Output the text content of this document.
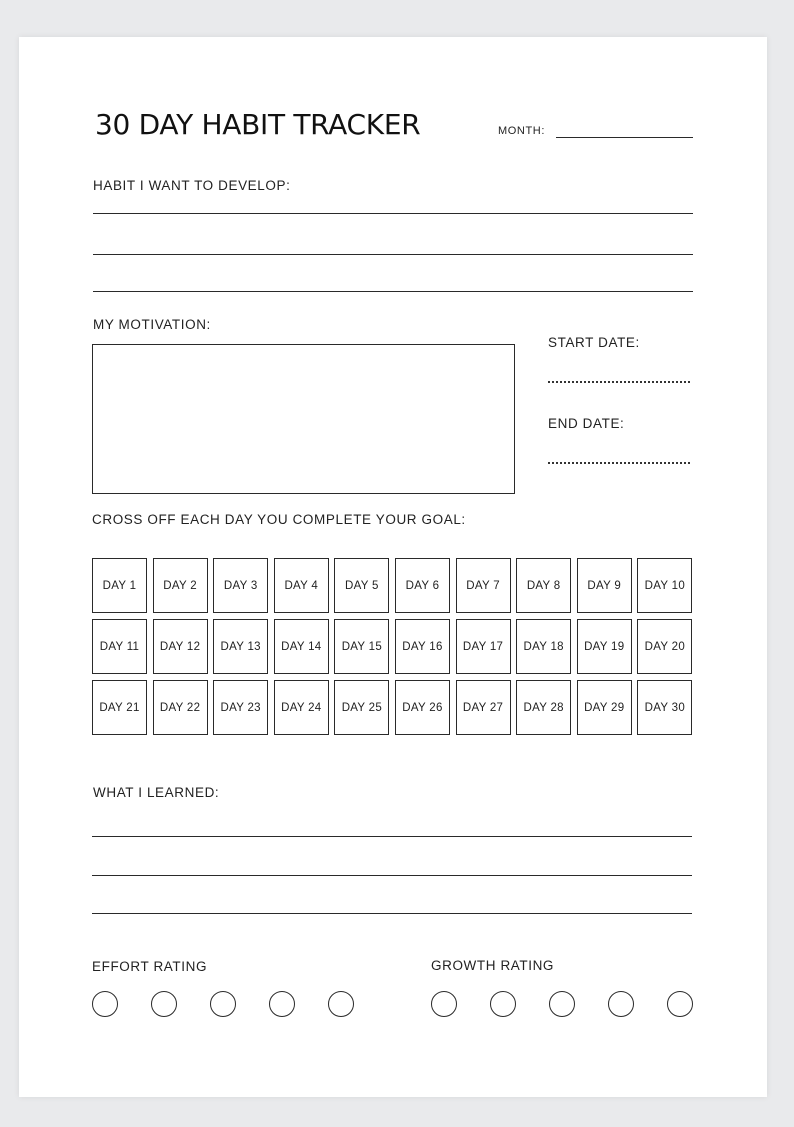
30 DAY HABIT TRACKER	MONTH:
HABIT I WANT TO DEVELOP:
MY MOTIVATION:
START DATE:
END DATE:
CROSS OFF EACH DAY YOU COMPLETE YOUR GOAL:
DAY 1	DAY 2	DAY 3	DAY 4	DAY 5	DAY 6	DAY 7	DAY 8	DAY 9	DAY 10
DAY 11	DAY 12	DAY 13	DAY 14	DAY 15	DAY 16	DAY 17	DAY 18	DAY 19	DAY 20
DAY 21	DAY 22	DAY 23	DAY 24	DAY 25	DAY 26	DAY 27	DAY 28	DAY 29	DAY 30
WHAT I LEARNED:
EFFORT RATING	GROWTH RATING
